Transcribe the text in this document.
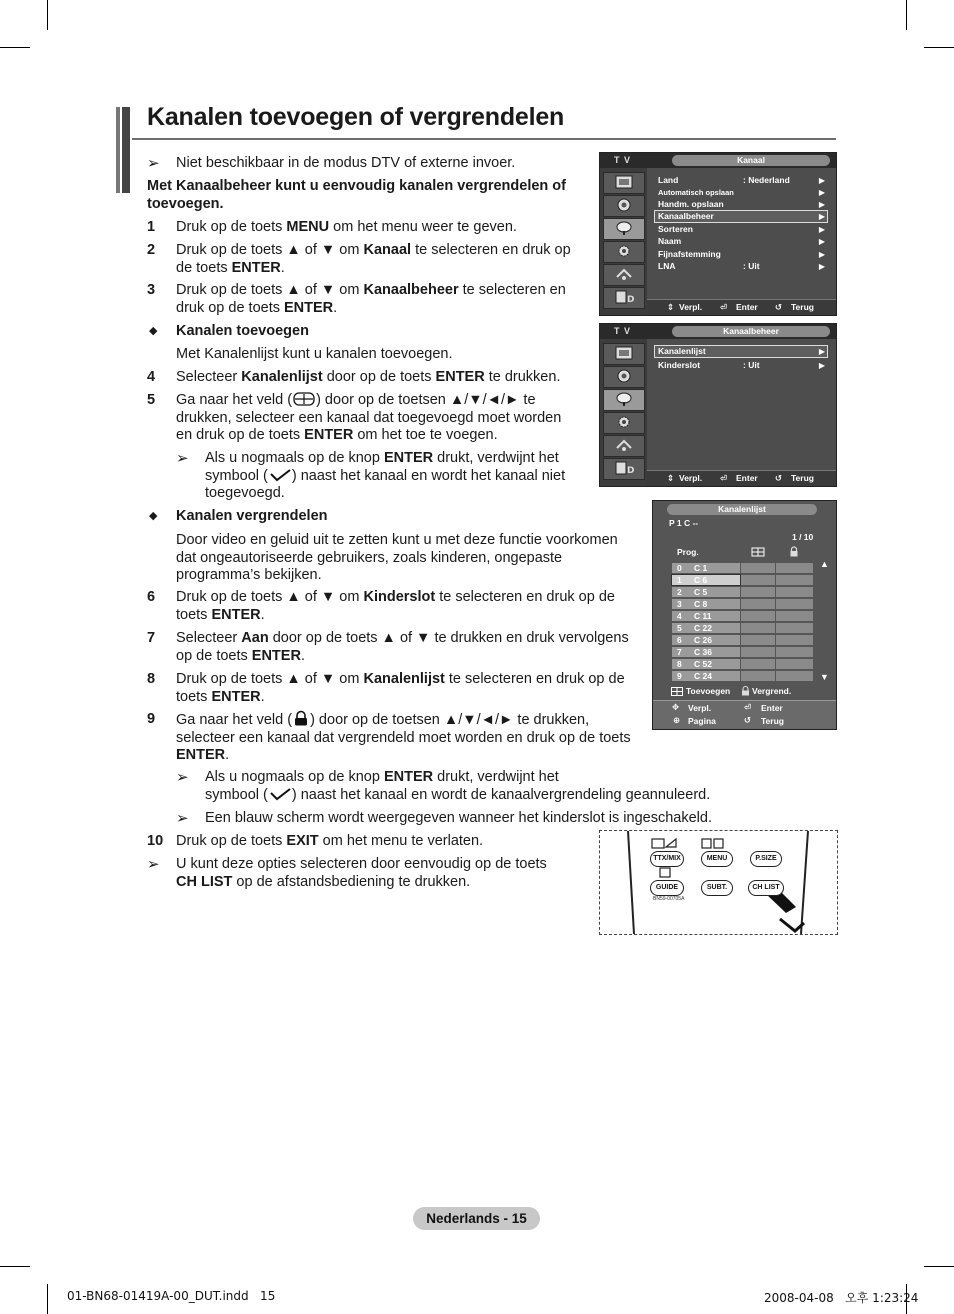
Kanalen toevoegen of vergrendelen
➢ Niet beschikbaar in de modus DTV of externe invoer.
Met Kanaalbeheer kunt u eenvoudig kanalen vergrendelen of toevoegen.
1 Druk op de toets MENU om het menu weer te geven.
2 Druk op de toets ▲ of ▼ om Kanaal te selecteren en druk op
de toets ENTER.
3 Druk op de toets ▲ of ▼ om Kanaalbeheer te selecteren en
druk op de toets ENTER.
◆ Kanalen toevoegen
Met Kanalenlijst kunt u kanalen toevoegen.
4 Selecteer Kanalenlijst door op de toets ENTER te drukken.
5 Ga naar het veld ( ) door op de toetsen ▲/▼/◄/► te
drukken, selecteer een kanaal dat toegevoegd moet worden
en druk op de toets ENTER om het toe te voegen.
➢ Als u nogmaals op de knop ENTER drukt, verdwijnt het
symbool ( ) naast het kanaal en wordt het kanaal niet
toegevoegd.
◆ Kanalen vergrendelen
Door video en geluid uit te zetten kunt u met deze functie voorkomen dat ongeautoriseerde gebruikers, zoals kinderen, ongepaste programma’s bekijken.
6 Druk op de toets ▲ of ▼ om Kinderslot te selecteren en druk op de
toets ENTER.
7 Selecteer Aan door op de toets ▲ of ▼ te drukken en druk vervolgens
op de toets ENTER.
8 Druk op de toets ▲ of ▼ om Kanalenlijst te selecteren en druk op de
toets ENTER.
9 Ga naar het veld ( ) door op de toetsen ▲/▼/◄/► te drukken,
selecteer een kanaal dat vergrendeld moet worden en druk op de toets
ENTER.
➢ Als u nogmaals op de knop ENTER drukt, verdwijnt het
symbool ( ) naast het kanaal en wordt de kanaalvergrendeling geannuleerd.
➢ Een blauw scherm wordt weergegeven wanneer het kinderslot is ingeschakeld.
10 Druk op de toets EXIT om het menu te verlaten.
➢ U kunt deze opties selecteren door eenvoudig op de toets
CH LIST op de afstandsbediening te drukken.
T V	Kanaal
D
Land	: Nederland	▶
Automatisch opslaan	▶
Handm. opslaan	▶
Kanaalbeheer	▶
Sorteren	▶
Naam	▶
Fijnafstemming	▶
LNA	: Uit	▶
⇕ Verpl. ⏎ Enter ↺ Terug
T V	Kanaalbeheer
D
Kanalenlijst	▶
Kinderslot	: Uit	▶
⇕ Verpl. ⏎ Enter ↺ Terug
Kanalenlijst
P 1 C --
1 / 10
Prog.
0 C 1
1 C 6
2 C 5
3 C 8
4 C 11
5 C 22
6 C 26
7 C 36
8 C 52
9 C 24
▲
▼
Toevoegen	Vergrend.
✥ Verpl.	⏎ Enter
⊕ Pagina	↺ Terug
TTX/MIX	MENU	P.SIZE
GUIDE	SUBT.	CH LIST
BN59-00705A
Nederlands - 15
01-BN68-01419A-00_DUT.indd   15	2008-04-08   오후 1:23:24
